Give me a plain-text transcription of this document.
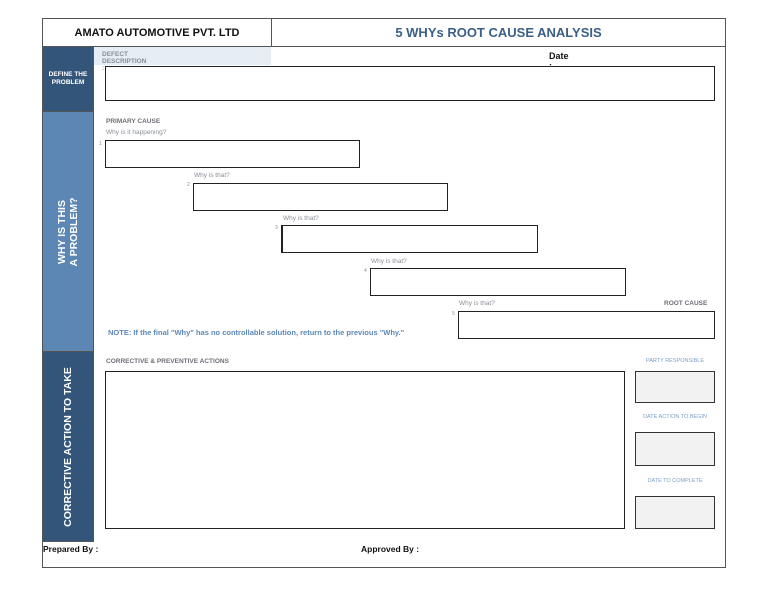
AMATO AUTOMOTIVE PVT. LTD	5 WHYs ROOT CAUSE ANALYSIS
DEFINE THE PROBLEM
WHY IS THIS A PROBLEM?
CORRECTIVE ACTION TO TAKE
DEFECT DESCRIPTION :
Date
PRIMARY CAUSE
Why is it happening?
1
Why is that?
2
Why is that?
3
Why is that?
4
Why is that?	ROOT CAUSE
5
NOTE: If the final "Why" has no controllable solution, return to the previous "Why."
CORRECTIVE & PREVENTIVE ACTIONS	PARTY RESPONSIBLE
DATE ACTION TO BEGIN
DATE TO COMPLETE
Prepared By :	Approved By :
